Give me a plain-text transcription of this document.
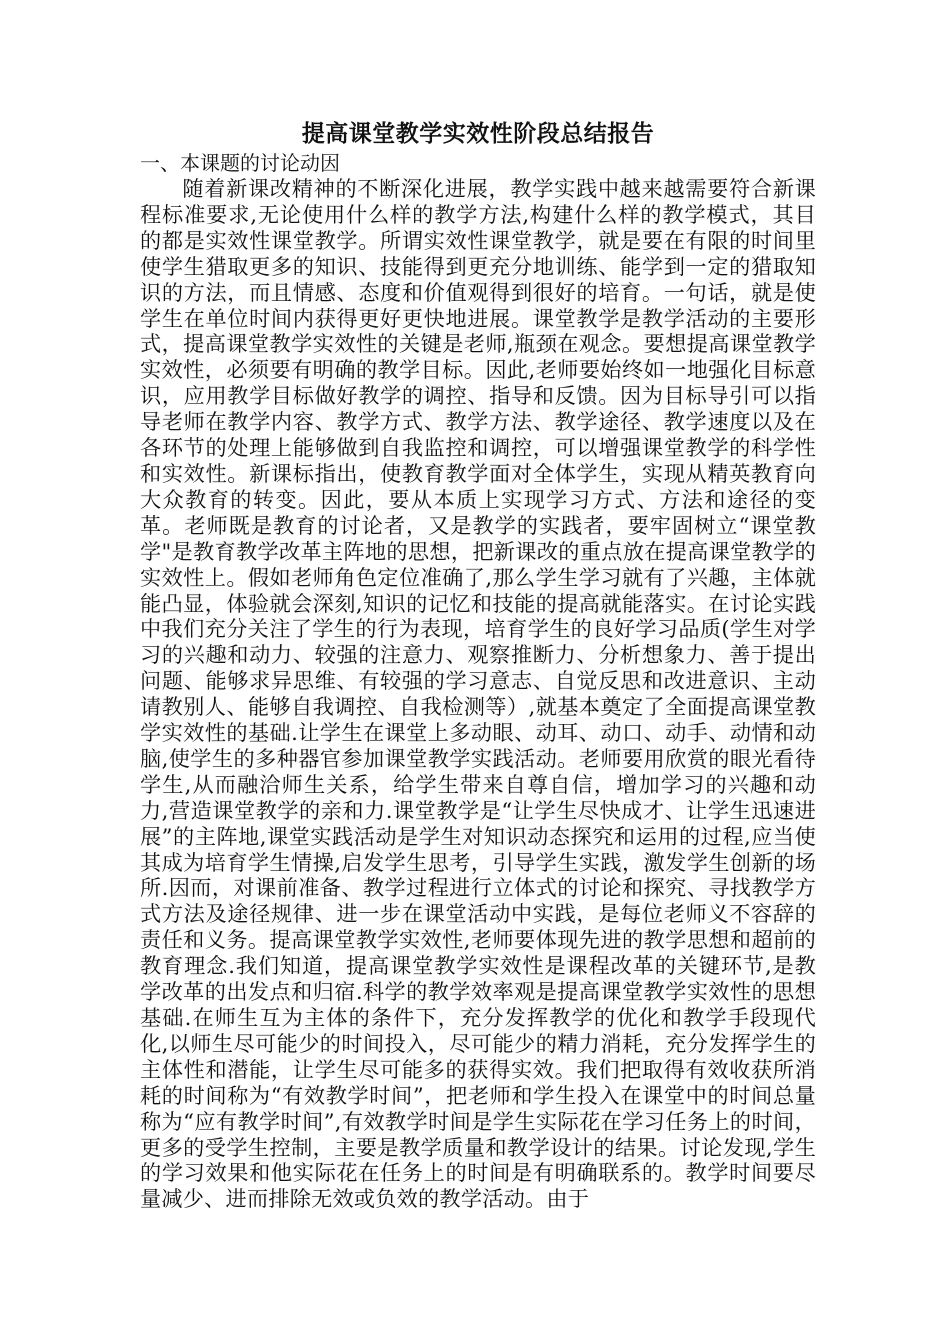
提高课堂教学实效性阶段总结报告
一、本课题的讨论动因

随着新课改精神的不断深化进展，教学实践中越来越需要符合新课程标准要求,无论使用什么样的教学方法,构建什么样的教学模式，其目的都是实效性课堂教学。所谓实效性课堂教学，就是要在有限的时间里使学生猎取更多的知识、技能得到更充分地训练、能学到一定的猎取知识的方法，而且情感、态度和价值观得到很好的培育。一句话，就是使学生在单位时间内获得更好更快地进展。课堂教学是教学活动的主要形式，提高课堂教学实效性的关键是老师,瓶颈在观念。要想提高课堂教学实效性，必须要有明确的教学目标。因此,老师要始终如一地强化目标意识，应用教学目标做好教学的调控、指导和反馈。因为目标导引可以指导老师在教学内容、教学方式、教学方法、教学途径、教学速度以及在各环节的处理上能够做到自我监控和调控，可以增强课堂教学的科学性和实效性。新课标指出，使教育教学面对全体学生，实现从精英教育向大众教育的转变。因此，要从本质上实现学习方式、方法和途径的变革。老师既是教育的讨论者，又是教学的实践者，要牢固树立“课堂教学"是教育教学改革主阵地的思想，把新课改的重点放在提高课堂教学的实效性上。假如老师角色定位准确了,那么学生学习就有了兴趣，主体就能凸显，体验就会深刻,知识的记忆和技能的提高就能落实。在讨论实践中我们充分关注了学生的行为表现，培育学生的良好学习品质(学生对学习的兴趣和动力、较强的注意力、观察推断力、分析想象力、善于提出问题、能够求异思维、有较强的学习意志、自觉反思和改进意识、主动请教别人、能够自我调控、自我检测等）,就基本奠定了全面提高课堂教学实效性的基础.让学生在课堂上多动眼、动耳、动口、动手、动情和动脑,使学生的多种器官参加课堂教学实践活动。老师要用欣赏的眼光看待学生,从而融洽师生关系，给学生带来自尊自信，增加学习的兴趣和动力,营造课堂教学的亲和力.课堂教学是“让学生尽快成才、让学生迅速进展”的主阵地,课堂实践活动是学生对知识动态探究和运用的过程,应当使其成为培育学生情操,启发学生思考，引导学生实践，激发学生创新的场所.因而，对课前准备、教学过程进行立体式的讨论和探究、寻找教学方式方法及途径规律、进一步在课堂活动中实践，是每位老师义不容辞的责任和义务。提高课堂教学实效性,老师要体现先进的教学思想和超前的教育理念.我们知道，提高课堂教学实效性是课程改革的关键环节,是教学改革的出发点和归宿.科学的教学效率观是提高课堂教学实效性的思想基础.在师生互为主体的条件下，充分发挥教学的优化和教学手段现代化,以师生尽可能少的时间投入，尽可能少的精力消耗，充分发挥学生的主体性和潜能，让学生尽可能多的获得实效。我们把取得有效收获所消耗的时间称为“有效教学时间”，把老师和学生投入在课堂中的时间总量称为“应有教学时间”,有效教学时间是学生实际花在学习任务上的时间，更多的受学生控制，主要是教学质量和教学设计的结果。讨论发现,学生的学习效果和他实际花在任务上的时间是有明确联系的。教学时间要尽量减少、进而排除无效或负效的教学活动。由于
